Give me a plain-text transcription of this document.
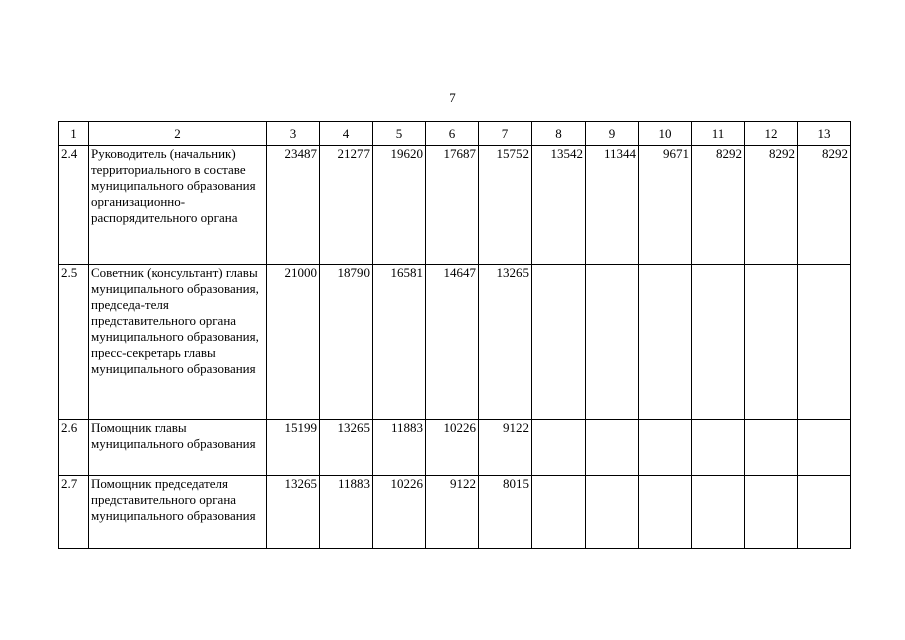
7
1	2	3	4	5	6	7	8	9	10	11	12	13
2.4	Руководитель (начальник) территориального в составе муниципального образования организационно-распорядительного органа	23487	21277	19620	17687	15752	13542	11344	9671	8292	8292	8292
2.5	Советник (консультант) главы муниципального образования, председа-теля представительного органа муниципального образования, пресс-секретарь главы муниципального образования	21000	18790	16581	14647	13265						
2.6	Помощник главы муниципального образования	15199	13265	11883	10226	9122						
2.7	Помощник председателя представительного органа муниципального образования	13265	11883	10226	9122	8015						
